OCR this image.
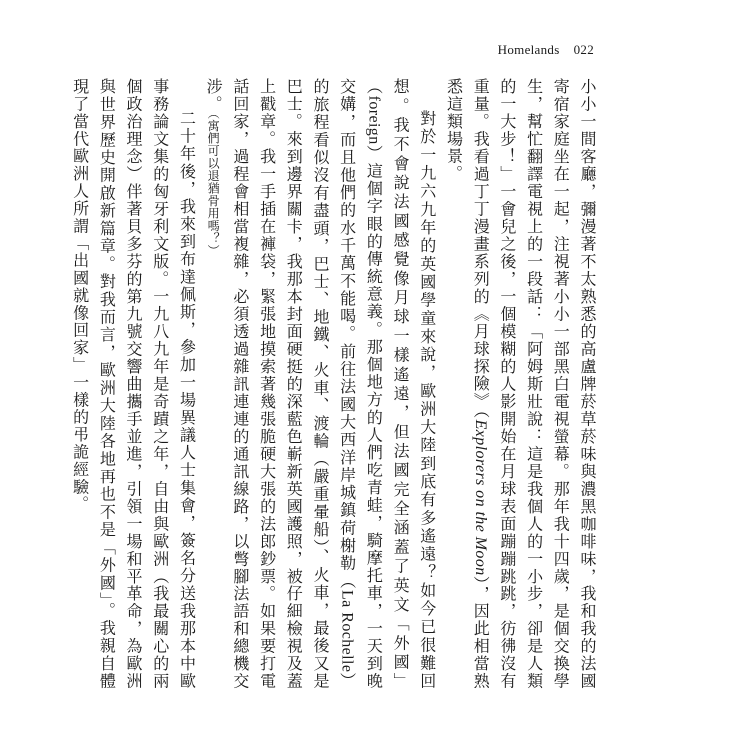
Homelands 022

小小一間客廳，彌漫著不太熟悉的高盧牌菸草菸味與濃黑咖啡味，我和我的法國寄宿家庭坐在一起，注視著小小一部黑白電視螢幕。那年我十四歲，是個交換學生，幫忙翻譯電視上的一段話：「阿姆斯壯說：這是我個人的一小步，卻是人類的一大步！」一會兒之後，一個模糊的人影開始在月球表面蹦蹦跳跳，彷彿沒有重量。我看過丁丁漫畫系列的《月球探險》（Explorers on the Moon），因此相當熟悉這類場景。

對於一九六九年的英國學童來說，歐洲大陸到底有多遙遠？如今已很難回想。我不會說法國感覺像月球一樣遙遠，但法國完全涵蓋了英文「外國」（foreign）這個字眼的傳統意義。那個地方的人們吃青蛙，騎摩托車，一天到晚交媾，而且他們的水千萬不能喝。前往法國大西洋岸城鎮荷榭勒（La Rochelle）的旅程看似沒有盡頭，巴士、地鐵、火車、渡輪（嚴重暈船）、火車，最後又是巴士。來到邊界關卡，我那本封面硬挺的深藍色嶄新英國護照，被仔細檢視及蓋上戳章。我一手插在褲袋，緊張地摸索著幾張脆硬大張的法郎鈔票。如果要打電話回家，過程會相當複雜，必須透過雜訊連連的通訊線路，以彆腳法語和總機交涉。（寓們可以退猶骨用嗎？）

二十年後，我來到布達佩斯，參加一場異議人士集會，簽名分送我那本中歐事務論文集的匈牙利文版。一九八九年是奇蹟之年，自由與歐洲（我最關心的兩個政治理念）伴著貝多芬的第九號交響曲攜手並進，引領一場和平革命，為歐洲與世界歷史開啟新篇章。對我而言，歐洲大陸各地再也不是「外國」。我親自體現了當代歐洲人所謂「出國就像回家」一樣的弔詭經驗。
